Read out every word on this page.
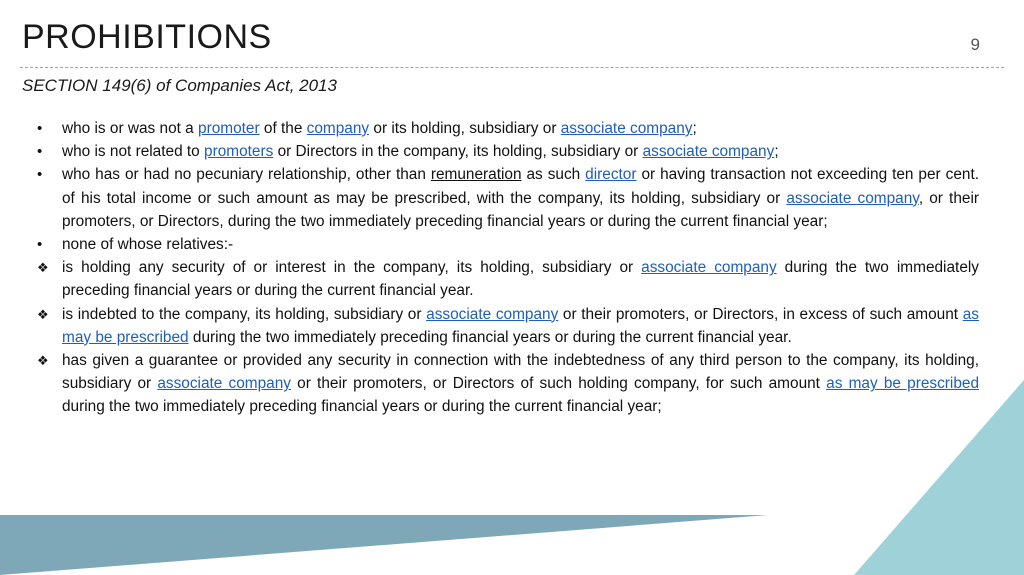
PROHIBITIONS	9
SECTION 149(6) of Companies Act, 2013
•	who is or was not a promoter of the company or its holding, subsidiary or associate company;
•	who is not related to promoters or Directors in the company, its holding, subsidiary or associate company;
•	who has or had no pecuniary relationship, other than remuneration as such director or having transaction not exceeding ten per cent. of his total income or such amount as may be prescribed, with the company, its holding, subsidiary or associate company, or their promoters, or Directors, during the two immediately preceding financial years or during the current financial year;
•	none of whose relatives:-
❖ is holding any security of or interest in the company, its holding, subsidiary or associate company during the two immediately preceding financial years or during the current financial year.
❖ is indebted to the company, its holding, subsidiary or associate company or their promoters, or Directors, in excess of such amount as may be prescribed during the two immediately preceding financial years or during the current financial year.
❖ has given a guarantee or provided any security in connection with the indebtedness of any third person to the company, its holding, subsidiary or associate company or their promoters, or Directors of such holding company, for such amount as may be prescribed during the two immediately preceding financial years or during the current financial year;
